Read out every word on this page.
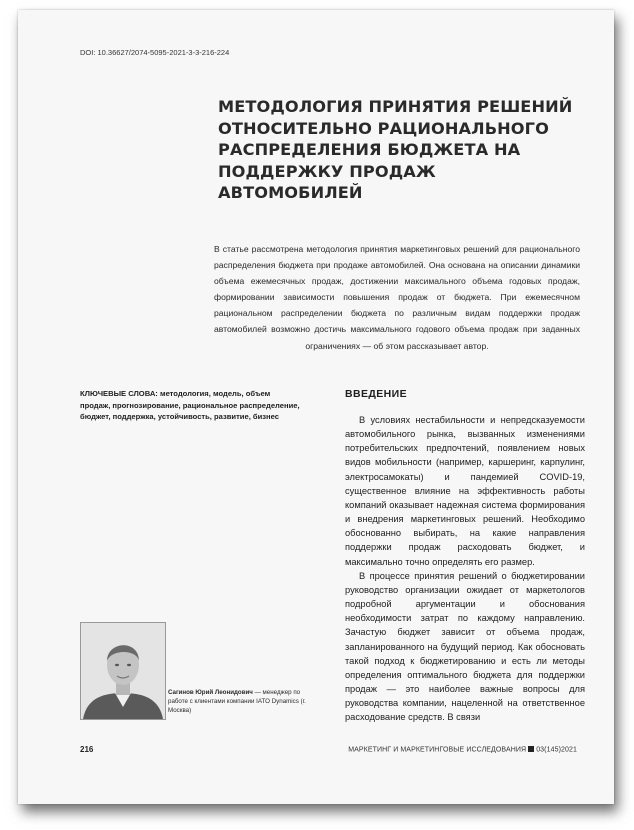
DOI: 10.36627/2074-5095-2021-3-3-216-224
МЕТОДОЛОГИЯ ПРИНЯТИЯ РЕШЕНИЙ ОТНОСИТЕЛЬНО РАЦИОНАЛЬНОГО РАСПРЕДЕЛЕНИЯ БЮДЖЕТА НА ПОДДЕРЖКУ ПРОДАЖ АВТОМОБИЛЕЙ

В статье рассмотрена методология принятия маркетинговых решений для рационального распределения бюджета при продаже автомобилей. Она основана на описании динамики объема ежемесячных продаж, достижении максимального объема годовых продаж, формировании зависимости повышения продаж от бюджета. При ежемесячном рациональном распределении бюджета по различным видам поддержки продаж автомобилей возможно достичь максимального годового объема продаж при заданных ограничениях — об этом рассказывает автор.

КЛЮЧЕВЫЕ СЛОВА: методология, модель, объем продаж, прогнозирование, рациональное распределение, бюджет, поддержка, устойчивость, развитие, бизнес
ВВЕДЕНИЕ

В условиях нестабильности и непредсказуемости автомобильного рынка, вызванных изменениями потребительских предпочтений, появлением новых видов мобильности (например, каршеринг, карпулинг, электросамокаты) и пандемией COVID-19, существенное влияние на эффективность работы компаний оказывает надежная система формирования и внедрения маркетинговых решений. Необходимо обоснованно выбирать, на какие направления поддержки продаж расходовать бюджет, и максимально точно определять его размер.

В процессе принятия решений о бюджетировании руководство организации ожидает от маркетологов подробной аргументации и обоснования необходимости затрат по каждому направлению. Зачастую бюджет зависит от объема продаж, запланированного на будущий период. Как обосновать такой подход к бюджетированию и есть ли методы определения оптимального бюджета для поддержки продаж — это наиболее важные вопросы для руководства компании, нацеленной на ответственное расходование средств. В связи

Сагинов Юрий Леонидович — менеджер по работе с клиентами компании IATO Dynamics (г. Москва)
216	МАРКЕТИНГ И МАРКЕТИНГОВЫЕ ИССЛЕДОВАНИЯ 03(145)2021
